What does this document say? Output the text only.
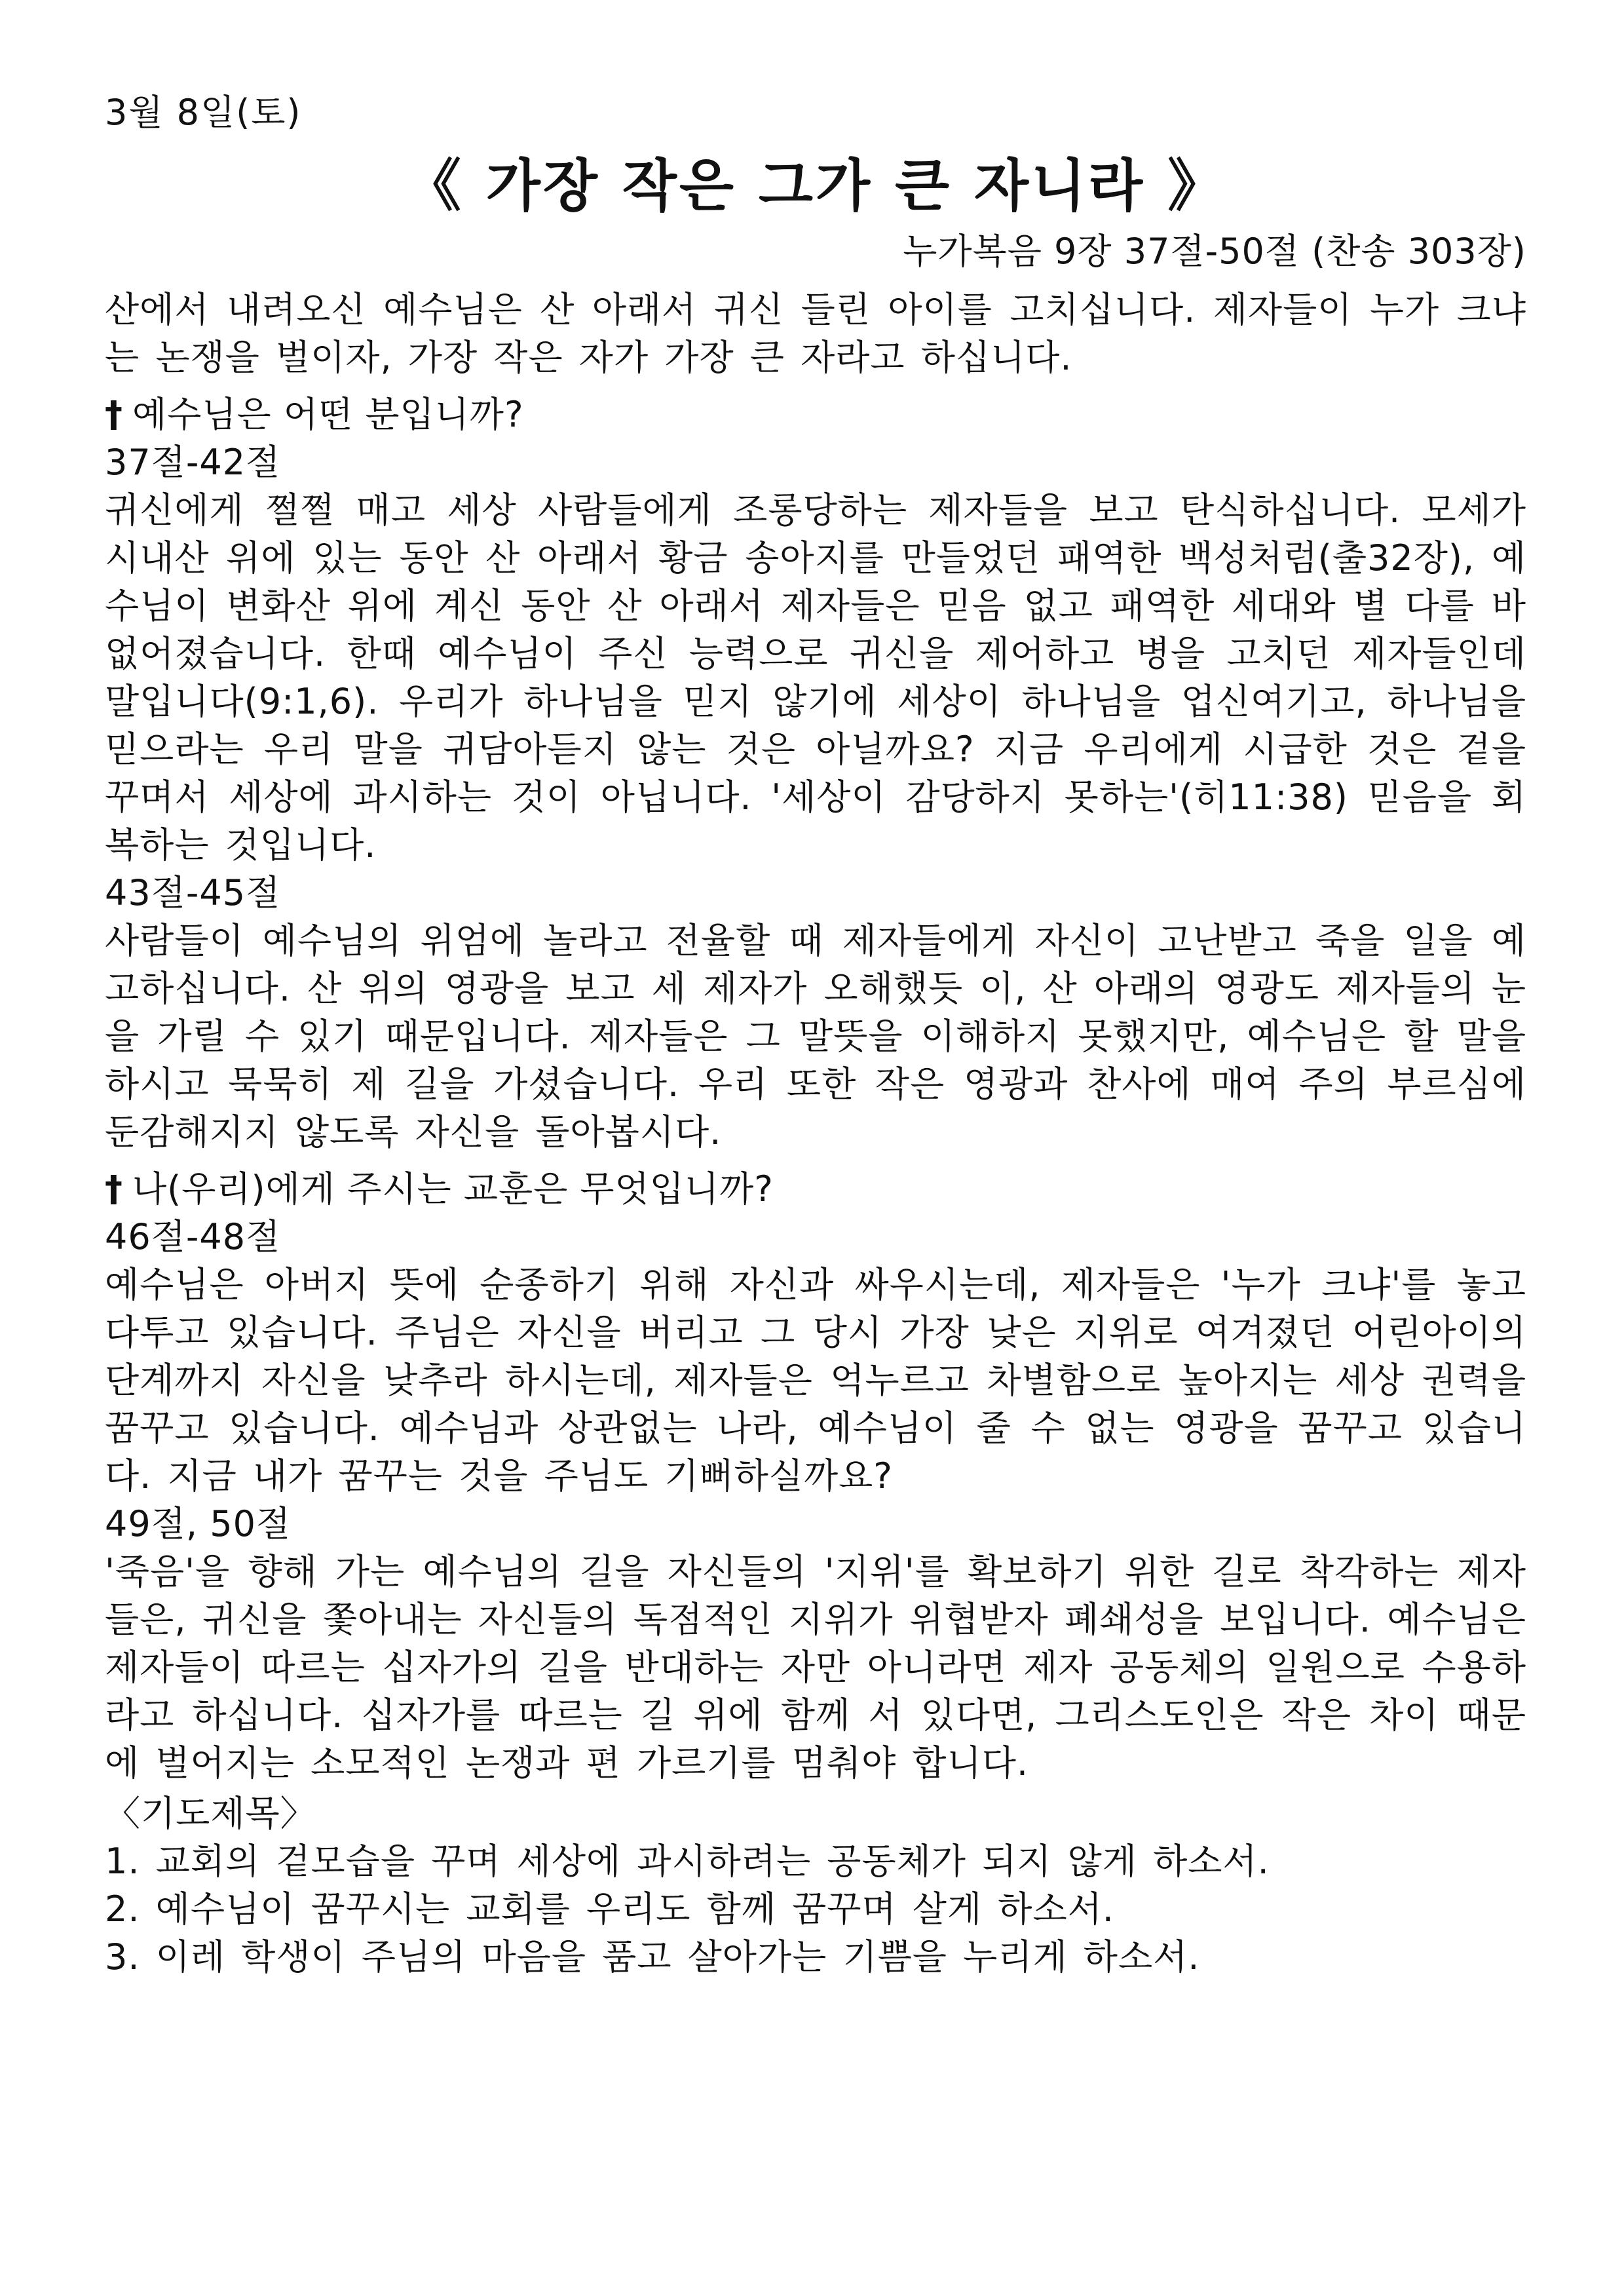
3월 8일(토)
《 가장 작은 그가 큰 자니라 》
누가복음 9장 37절-50절 (찬송 303장)

산에서 내려오신 예수님은 산 아래서 귀신 들린 아이를 고치십니다. 제자들이 누가 크냐는 논쟁을 벌이자, 가장 작은 자가 가장 큰 자라고 하십니다.

† 예수님은 어떤 분입니까?
37절-42절

귀신에게 쩔쩔 매고 세상 사람들에게 조롱당하는 제자들을 보고 탄식하십니다. 모세가 시내산 위에 있는 동안 산 아래서 황금 송아지를 만들었던 패역한 백성처럼(출32장), 예수님이 변화산 위에 계신 동안 산 아래서 제자들은 믿음 없고 패역한 세대와 별 다를 바 없어졌습니다. 한때 예수님이 주신 능력으로 귀신을 제어하고 병을 고치던 제자들인데 말입니다(9:1,6). 우리가 하나님을 믿지 않기에 세상이 하나님을 업신여기고, 하나님을 믿으라는 우리 말을 귀담아듣지 않는 것은 아닐까요? 지금 우리에게 시급한 것은 겉을 꾸며서 세상에 과시하는 것이 아닙니다. '세상이 감당하지 못하는'(히11:38) 믿음을 회복하는 것입니다.

43절-45절

사람들이 예수님의 위엄에 놀라고 전율할 때 제자들에게 자신이 고난받고 죽을 일을 예고하십니다. 산 위의 영광을 보고 세 제자가 오해했듯 이, 산 아래의 영광도 제자들의 눈을 가릴 수 있기 때문입니다. 제자들은 그 말뜻을 이해하지 못했지만, 예수님은 할 말을 하시고 묵묵히 제 길을 가셨습니다. 우리 또한 작은 영광과 찬사에 매여 주의 부르심에 둔감해지지 않도록 자신을 돌아봅시다.

† 나(우리)에게 주시는 교훈은 무엇입니까?
46절-48절

예수님은 아버지 뜻에 순종하기 위해 자신과 싸우시는데, 제자들은 '누가 크냐'를 놓고 다투고 있습니다. 주님은 자신을 버리고 그 당시 가장 낮은 지위로 여겨졌던 어린아이의 단계까지 자신을 낮추라 하시는데, 제자들은 억누르고 차별함으로 높아지는 세상 권력을 꿈꾸고 있습니다. 예수님과 상관없는 나라, 예수님이 줄 수 없는 영광을 꿈꾸고 있습니다. 지금 내가 꿈꾸는 것을 주님도 기뻐하실까요?

49절, 50절

'죽음'을 향해 가는 예수님의 길을 자신들의 '지위'를 확보하기 위한 길로 착각하는 제자들은, 귀신을 쫓아내는 자신들의 독점적인 지위가 위협받자 폐쇄성을 보입니다. 예수님은 제자들이 따르는 십자가의 길을 반대하는 자만 아니라면 제자 공동체의 일원으로 수용하라고 하십니다. 십자가를 따르는 길 위에 함께 서 있다면, 그리스도인은 작은 차이 때문에 벌어지는 소모적인 논쟁과 편 가르기를 멈춰야 합니다.

〈기도제목〉
1. 교회의 겉모습을 꾸며 세상에 과시하려는 공동체가 되지 않게 하소서.
2. 예수님이 꿈꾸시는 교회를 우리도 함께 꿈꾸며 살게 하소서.
3. 이레 학생이 주님의 마음을 품고 살아가는 기쁨을 누리게 하소서.
